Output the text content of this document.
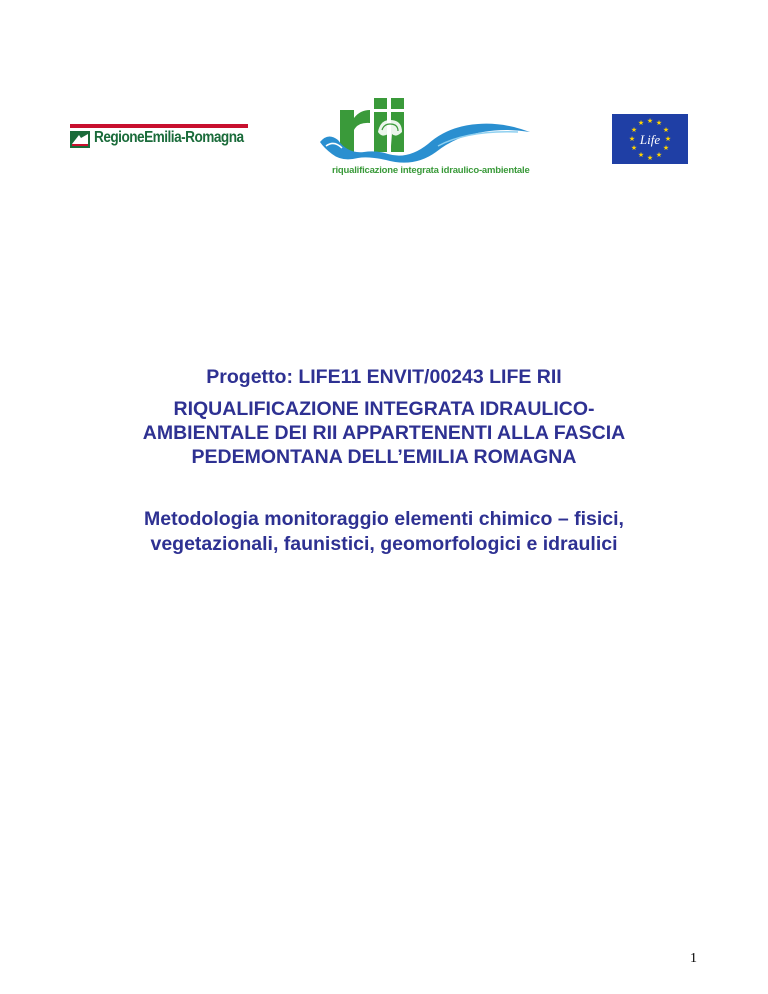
RegioneEmilia-Romagna
riqualificazione integrata idraulico-ambientale
★ ★
★
★
★
★
★
★
★
★
★
★
Life
Progetto: LIFE11 ENVIT/00243 LIFE RII
RIQUALIFICAZIONE INTEGRATA IDRAULICO-
AMBIENTALE DEI RII APPARTENENTI ALLA FASCIA
PEDEMONTANA DELL’EMILIA ROMAGNA
Metodologia monitoraggio elementi chimico – fisici,
vegetazionali, faunistici, geomorfologici e idraulici
1
